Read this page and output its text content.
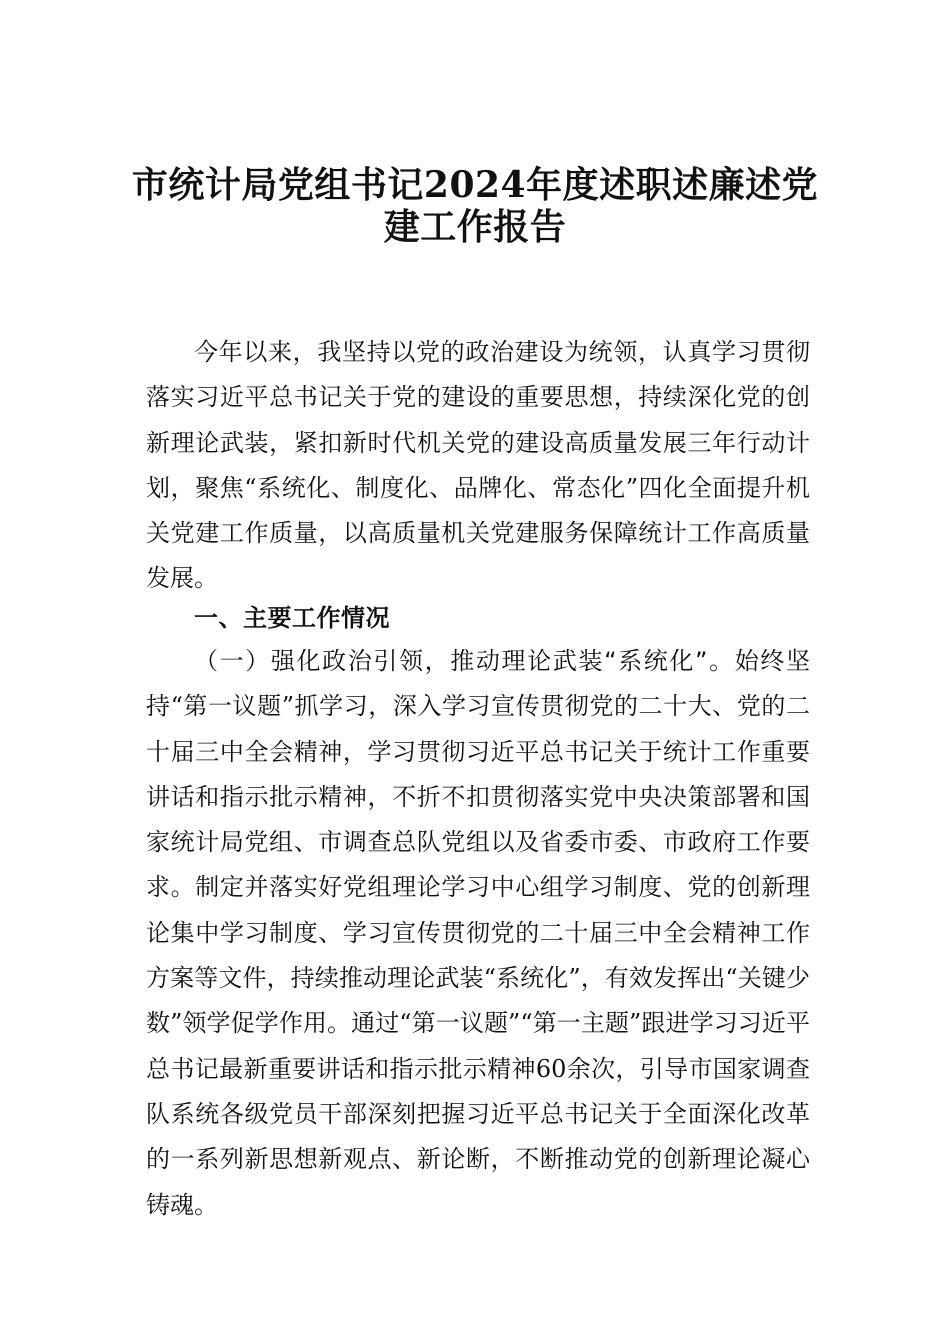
市统计局党组书记2024年度述职述廉述党
建工作报告

今年以来，我坚持以党的政治建设为统领，认真学习贯彻落实习近平总书记关于党的建设的重要思想，持续深化党的创新理论武装，紧扣新时代机关党的建设高质量发展三年行动计划，聚焦“系统化、制度化、品牌化、常态化”四化全面提升机关党建工作质量，以高质量机关党建服务保障统计工作高质量发展。

一、主要工作情况

（一）强化政治引领，推动理论武装“系统化”。始终坚持“第一议题”抓学习，深入学习宣传贯彻党的二十大、党的二十届三中全会精神，学习贯彻习近平总书记关于统计工作重要讲话和指示批示精神，不折不扣贯彻落实党中央决策部署和国家统计局党组、市调查总队党组以及省委市委、市政府工作要求。制定并落实好党组理论学习中心组学习制度、党的创新理论集中学习制度、学习宣传贯彻党的二十届三中全会精神工作方案等文件，持续推动理论武装“系统化”，有效发挥出“关键少数”领学促学作用。通过“第一议题”“第一主题”跟进学习习近平总书记最新重要讲话和指示批示精神60余次，引导市国家调查队系统各级党员干部深刻把握习近平总书记关于全面深化改革的一系列新思想新观点、新论断，不断推动党的创新理论凝心铸魂。
